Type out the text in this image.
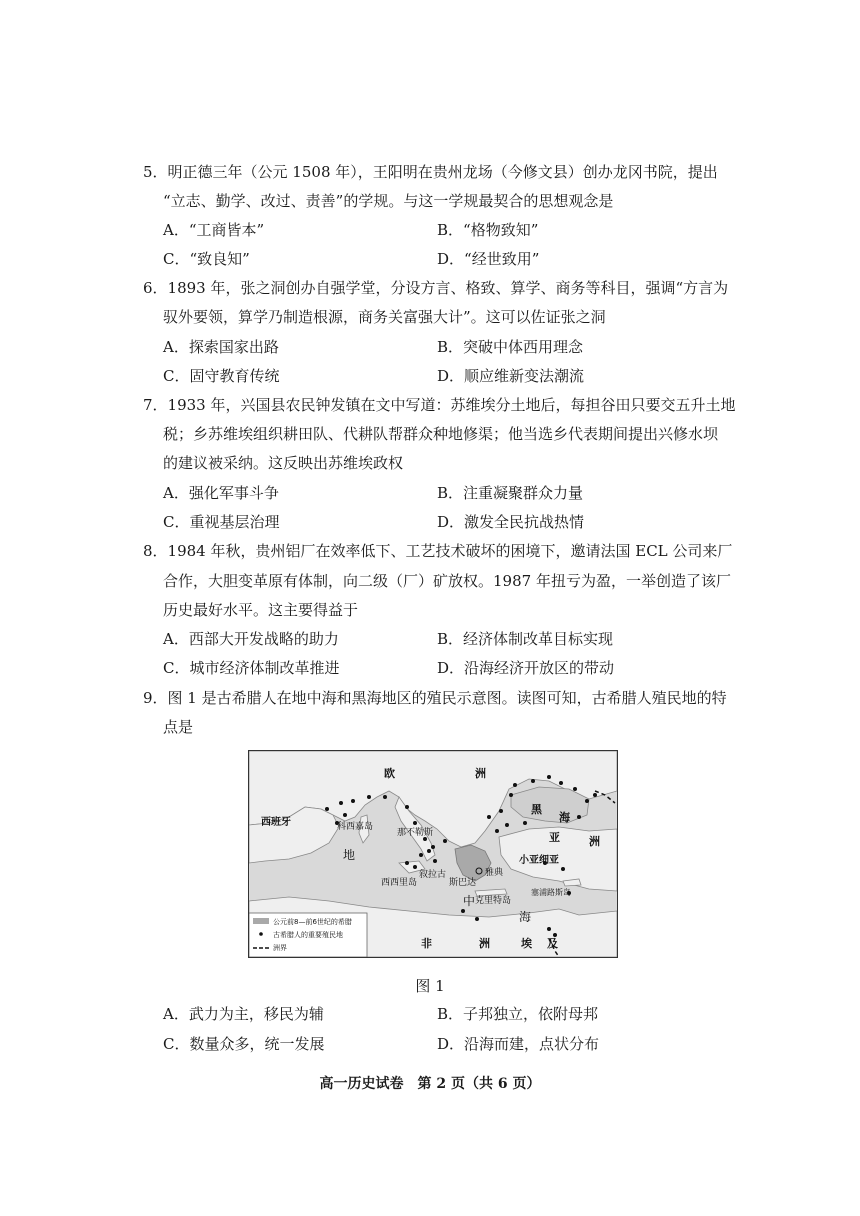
5．明正德三年（公元 1508 年），王阳明在贵州龙场（今修文县）创办龙冈书院，提出
“立志、勤学、改过、责善”的学规。与这一学规最契合的思想观念是
A．“工商皆本”	B．“格物致知”
C．“致良知”	D．“经世致用”
6．1893 年，张之洞创办自强学堂，分设方言、格致、算学、商务等科目，强调“方言为
驭外要领，算学乃制造根源，商务关富强大计”。这可以佐证张之洞
A．探索国家出路	B．突破中体西用理念
C．固守教育传统	D．顺应维新变法潮流
7．1933 年，兴国县农民钟发镇在文中写道：苏维埃分土地后，每担谷田只要交五升土地
税；乡苏维埃组织耕田队、代耕队帮群众种地修渠；他当选乡代表期间提出兴修水坝
的建议被采纳。这反映出苏维埃政权
A．强化军事斗争	B．注重凝聚群众力量
C．重视基层治理	D．激发全民抗战热情
8．1984 年秋，贵州铝厂在效率低下、工艺技术破坏的困境下，邀请法国 ECL 公司来厂
合作，大胆变革原有体制，向二级（厂）矿放权。1987 年扭亏为盈，一举创造了该厂
历史最好水平。这主要得益于
A．西部大开发战略的助力	B．经济体制改革目标实现
C．城市经济体制改革推进	D．沿海经济开放区的带动
9．图 1 是古希腊人在地中海和黑海地区的殖民示意图。读图可知，古希腊人殖民地的特
点是
欧	洲
西班牙	科西嘉岛
那不勒斯
黑
海
亚	洲
小亚细亚
地
中
海
叙拉古
西西里岛	斯巴达
雅典
克里特岛
塞浦路斯岛
非	洲	埃 及
公元前8—前6世纪的希腊
古希腊人的重要殖民地
洲界
图 1
A．武力为主，移民为辅	B．子邦独立，依附母邦
C．数量众多，统一发展	D．沿海而建，点状分布
高一历史试卷　第 2 页（共 6 页）
